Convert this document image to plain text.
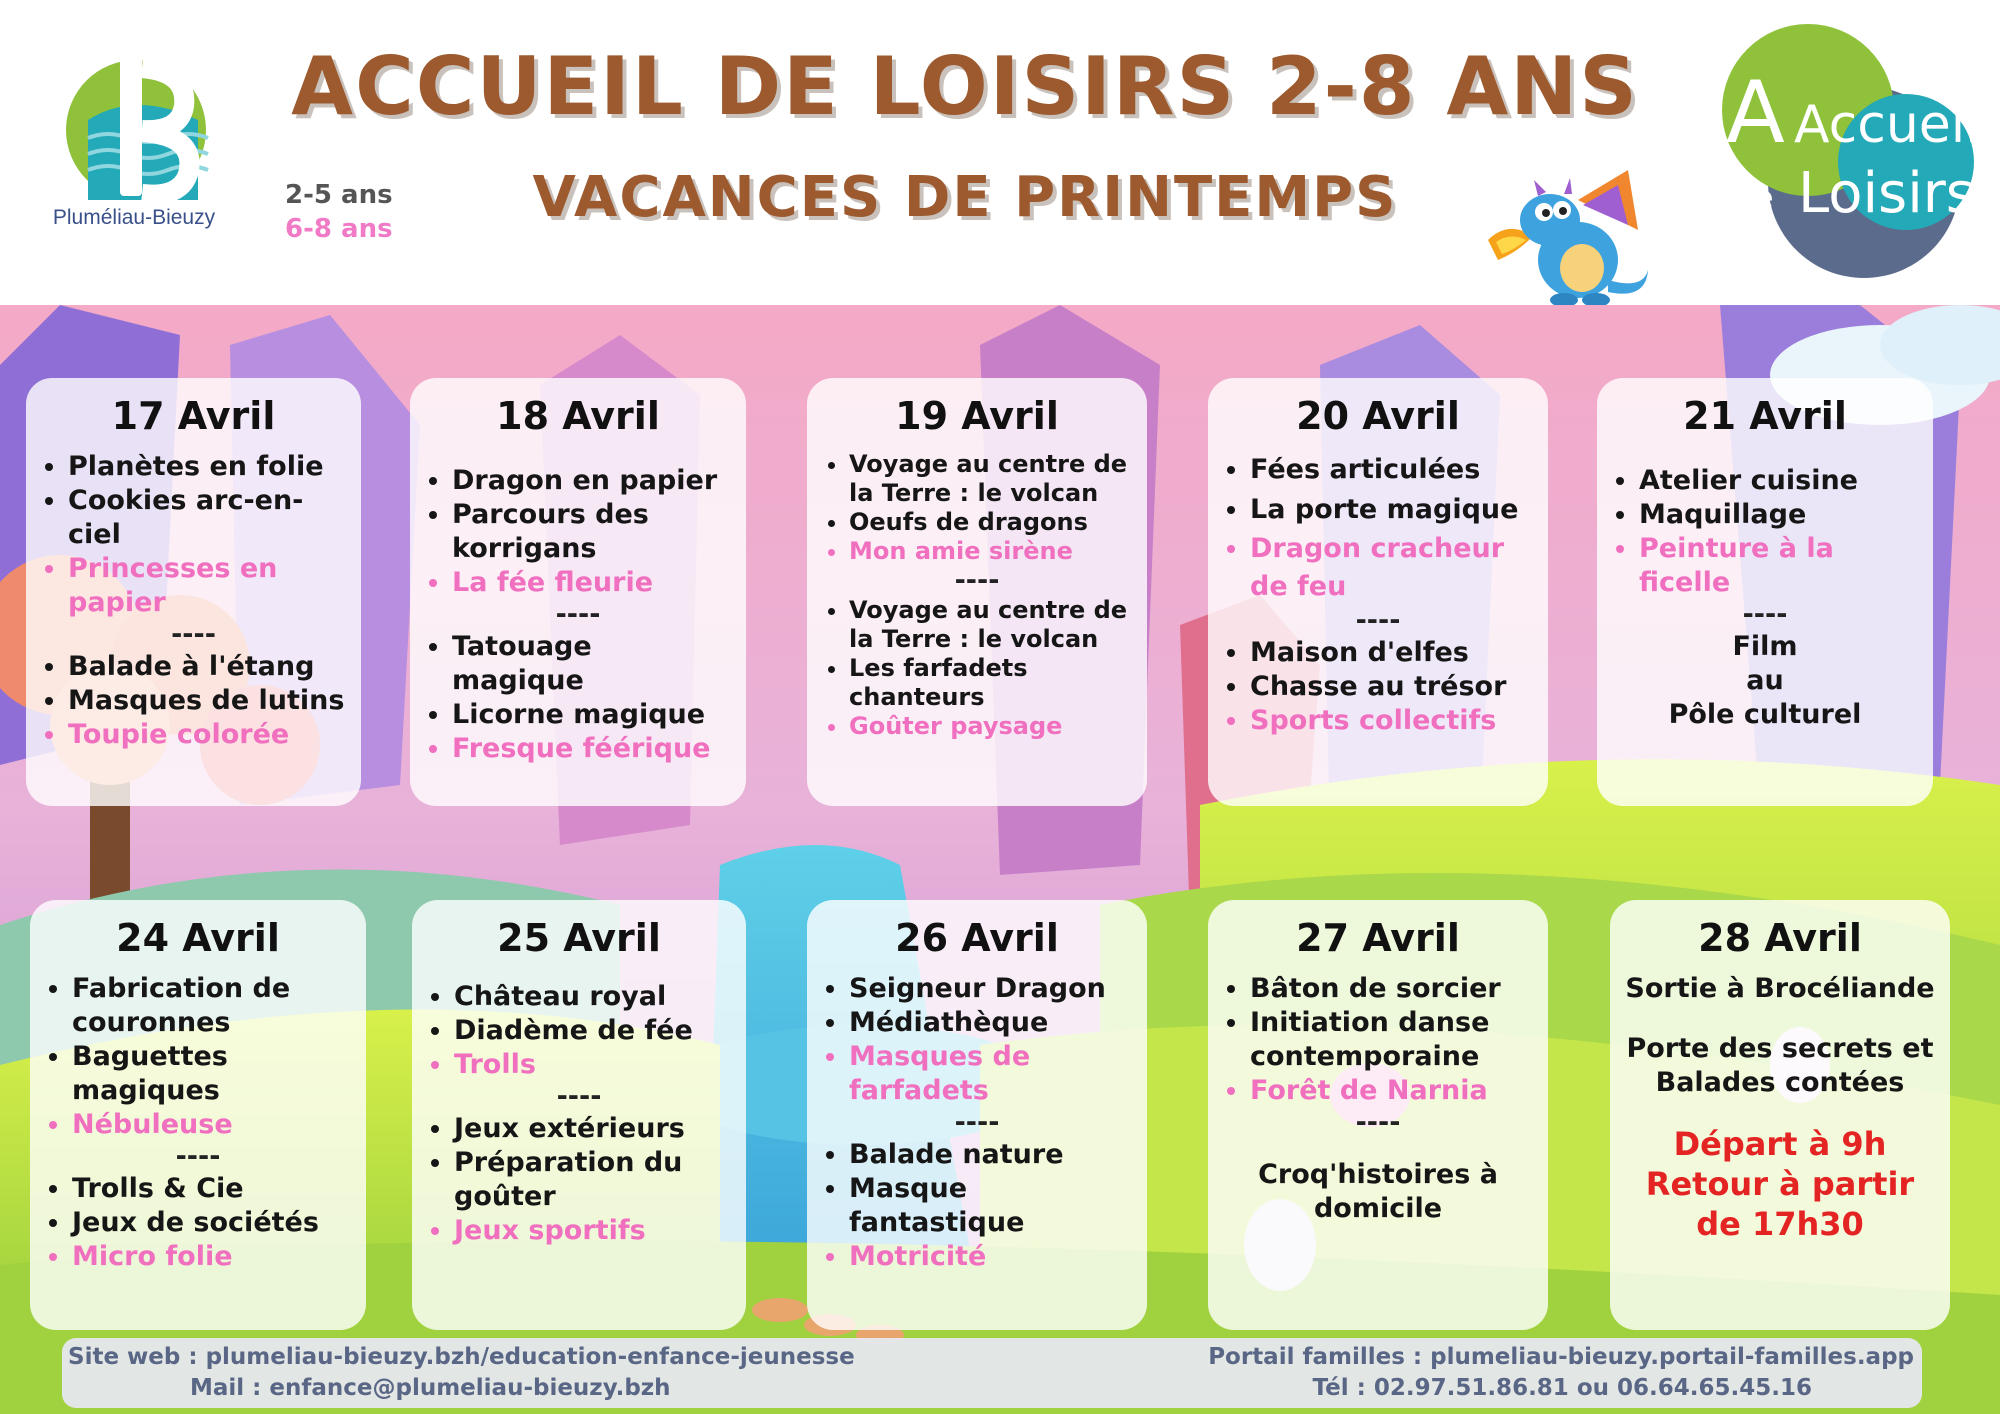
Pluméliau-Bieuzy
ACCUEIL DE LOISIRS 2-8 ANS
2-5 ans
6-8 ans	VACANCES DE PRINTEMPS
A Accueil
de Loisirs
17 Avril
• Planètes en folie
• Cookies arc-en-ciel
• Princesses en papier
----
• Balade à l'étang
• Masques de lutins
• Toupie colorée
18 Avril
• Dragon en papier
• Parcours des korrigans
• La fée fleurie
----
• Tatouage magique
• Licorne magique
• Fresque féérique
19 Avril
• Voyage au centre de la Terre : le volcan
• Oeufs de dragons
• Mon amie sirène
----
• Voyage au centre de la Terre : le volcan
• Les farfadets chanteurs
• Goûter paysage
20 Avril
• Fées articulées
• La porte magique
• Dragon cracheur de feu
----
• Maison d'elfes
• Chasse au trésor
• Sports collectifs
21 Avril
• Atelier cuisine
• Maquillage
• Peinture à la ficelle
----
Film
au
Pôle culturel
24 Avril
• Fabrication de couronnes
• Baguettes magiques
• Nébuleuse
----
• Trolls & Cie
• Jeux de sociétés
• Micro folie
25 Avril
• Château royal
• Diadème de fée
• Trolls
----
• Jeux extérieurs
• Préparation du goûter
• Jeux sportifs
26 Avril
• Seigneur Dragon
• Médiathèque
• Masques de farfadets
----
• Balade nature
• Masque fantastique
• Motricité
27 Avril
• Bâton de sorcier
• Initiation danse contemporaine
• Forêt de Narnia
----
Croq'histoires à
domicile
28 Avril
Sortie à Brocéliande
Porte des secrets et
Balades contées
Départ à 9h
Retour à partir
de 17h30
Site web : plumeliau-bieuzy.bzh/education-enfance-jeunesse
Mail : enfance@plumeliau-bieuzy.bzh
Portail familles : plumeliau-bieuzy.portail-familles.app
Tél : 02.97.51.86.81 ou 06.64.65.45.16
